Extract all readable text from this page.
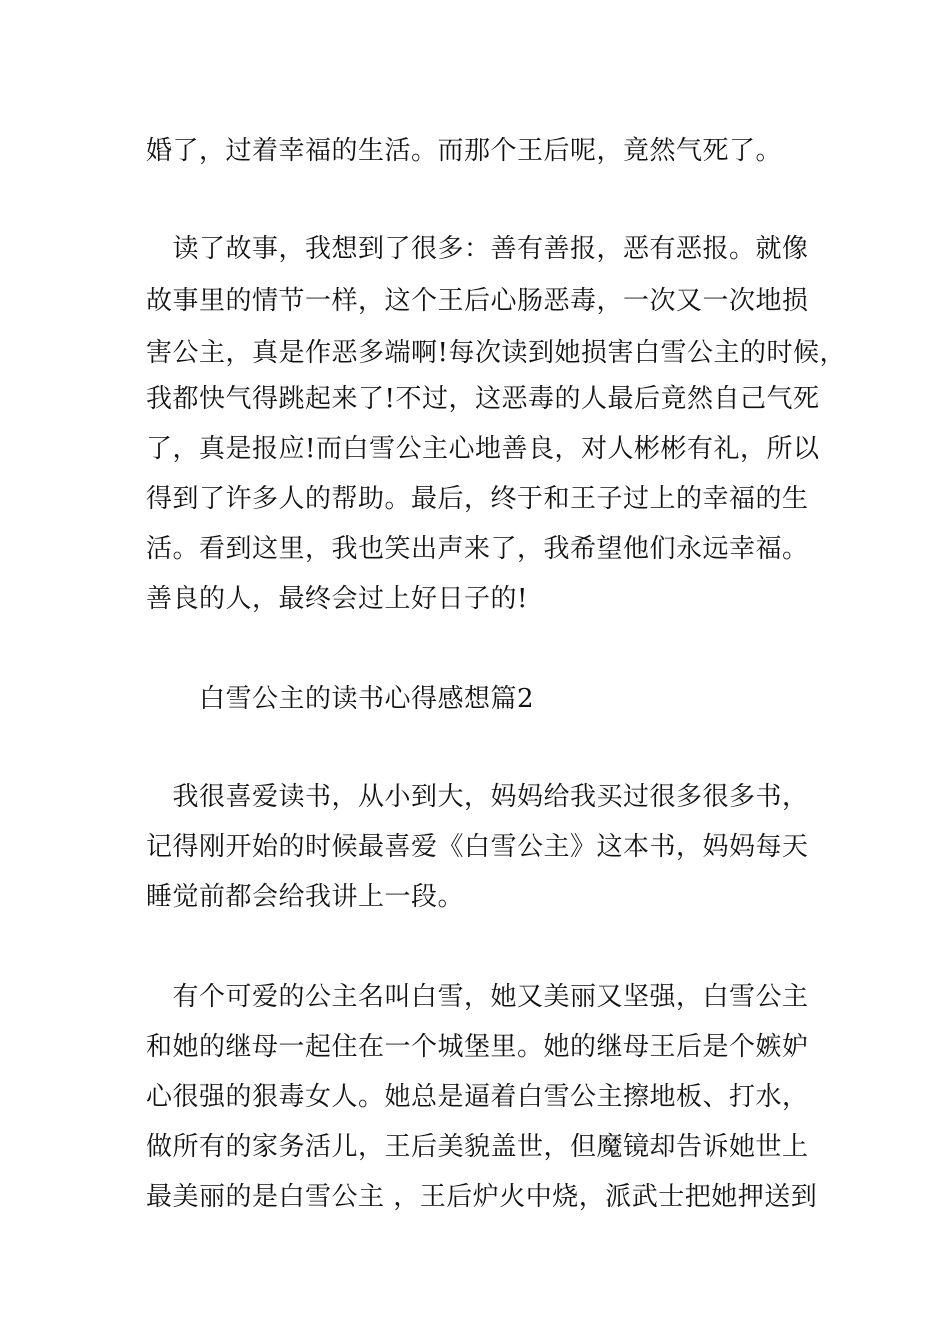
婚了，过着幸福的生活。而那个王后呢，竟然气死了。

　读了故事，我想到了很多：善有善报，恶有恶报。就像

故事里的情节一样，这个王后心肠恶毒，一次又一次地损

害公主，真是作恶多端啊!每次读到她损害白雪公主的时候，

我都快气得跳起来了!不过，这恶毒的人最后竟然自己气死

了，真是报应!而白雪公主心地善良，对人彬彬有礼，所以

得到了许多人的帮助。最后，终于和王子过上的幸福的生

活。看到这里，我也笑出声来了，我希望他们永远幸福。

善良的人，最终会过上好日子的!

　　白雪公主的读书心得感想篇2

　我很喜爱读书，从小到大，妈妈给我买过很多很多书，

记得刚开始的时候最喜爱《白雪公主》这本书，妈妈每天

睡觉前都会给我讲上一段。

　有个可爱的公主名叫白雪，她又美丽又坚强，白雪公主

和她的继母一起住在一个城堡里。她的继母王后是个嫉妒

心很强的狠毒女人。她总是逼着白雪公主擦地板、打水，

做所有的家务活儿，王后美貌盖世，但魔镜却告诉她世上

最美丽的是白雪公主 ，王后炉火中烧，派武士把她押送到
